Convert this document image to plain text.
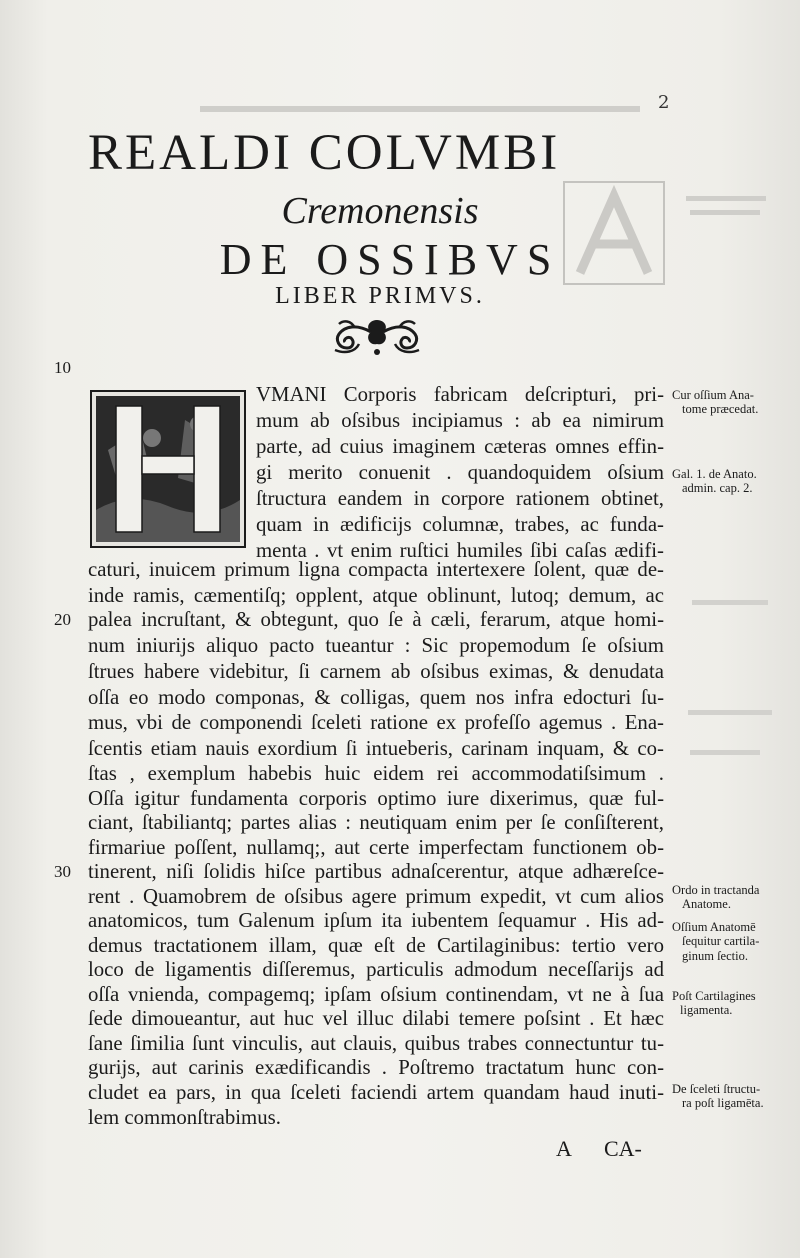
2
REALDI COLVMBI
Cremonensis
DE OSSIBVS
LIBER PRIMVS.
10
20
30
VMANI Corporis fabricam deſcripturi, pri-
mum ab oſsibus incipiamus : ab ea nimirum
parte, ad cuius imaginem cæteras omnes effin-
gi merito conuenit . quandoquidem oſsium
ſtructura eandem in corpore rationem obtinet,
quam in ædificijs columnæ, trabes, ac funda-
menta . vt enim ruſtici humiles ſibi caſas ædifi-
caturi, inuicem primum ligna compacta intertexere ſolent, quæ de-
inde ramis, cæmentiſq; opplent, atque oblinunt, lutoq; demum, ac
palea incruſtant, & obtegunt, quo ſe à cæli, ferarum, atque homi-
num iniurijs aliquo pacto tueantur : Sic propemodum ſe oſsium
ſtrues habere videbitur, ſi carnem ab oſsibus eximas, & denudata
oſſa eo modo componas, & colligas, quem nos infra edocturi ſu-
mus, vbi de componendi ſceleti ratione ex profeſſo agemus . Ena-
ſcentis etiam nauis exordium ſi intueberis, carinam inquam, & co-
ſtas , exemplum habebis huic eidem rei accommodatiſsimum .
Oſſa igitur fundamenta corporis optimo iure dixerimus, quæ ful-
ciant, ſtabiliantq; partes alias : neutiquam enim per ſe conſiſterent,
firmariue poſſent, nullamq;, aut certe imperfectam functionem ob-
tinerent, niſi ſolidis hiſce partibus adnaſcerentur, atque adhæreſce-
rent . Quamobrem de oſsibus agere primum expedit, vt cum alios
anatomicos, tum Galenum ipſum ita iubentem ſequamur . His ad-
demus tractationem illam, quæ eſt de Cartilaginibus: tertio vero
loco de ligamentis diſſeremus, particulis admodum neceſſarijs ad
oſſa vnienda, compagemq; ipſam oſsium continendam, vt ne à ſua
ſede dimoueantur, aut huc vel illuc dilabi temere poſsint . Et hæc
ſane ſimilia ſunt vinculis, aut clauis, quibus trabes connectuntur tu-
gurijs, aut carinis exædificandis . Poſtremo tractatum hunc con-
cludet ea pars, in qua ſceleti faciendi artem quandam haud inuti-
lem commonſtrabimus.
Cur oſſium Ana-
tome præcedat.
Gal. 1. de Anato.
admin. cap. 2.
Ordo in tractanda
Anatome.
Oſſium Anatomē
ſequitur cartila-
ginum ſectio.
Poſt Cartilagines
ligamenta.
De ſceleti ſtructu-
ra poſt ligamēta.
A CA-
